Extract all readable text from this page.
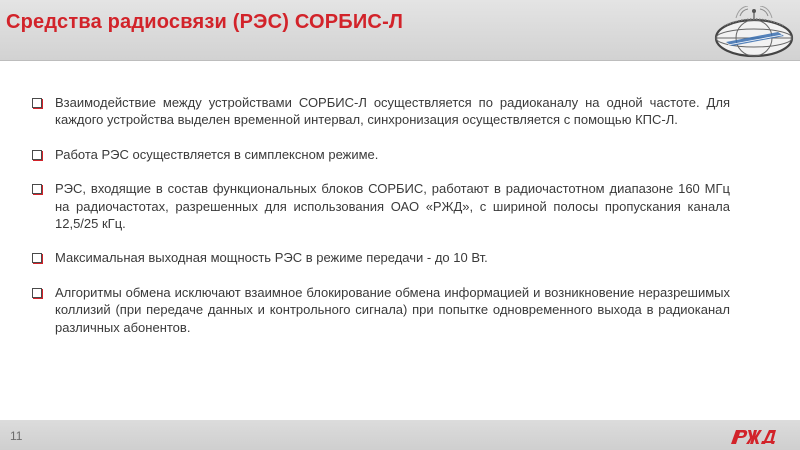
Средства радиосвязи (РЭС) СОРБИС-Л
Взаимодействие между устройствами СОРБИС-Л осуществляется по радиоканалу на одной частоте. Для каждого устройства выделен временной интервал, синхронизация осуществляется с помощью КПС-Л.
Работа РЭС осуществляется в симплексном режиме.
РЭС, входящие в состав функциональных блоков СОРБИС, работают в радиочастотном диапазоне 160 МГц на радиочастотах, разрешенных для использования ОАО «РЖД», с шириной полосы пропускания канала 12,5/25 кГц.
Максимальная выходная мощность РЭС в режиме передачи - до 10 Вт.
Алгоритмы обмена исключают взаимное блокирование обмена информацией и возникновение неразрешимых коллизий (при передаче данных и контрольного сигнала) при попытке одновременного выхода в радиоканал различных абонентов.
11
